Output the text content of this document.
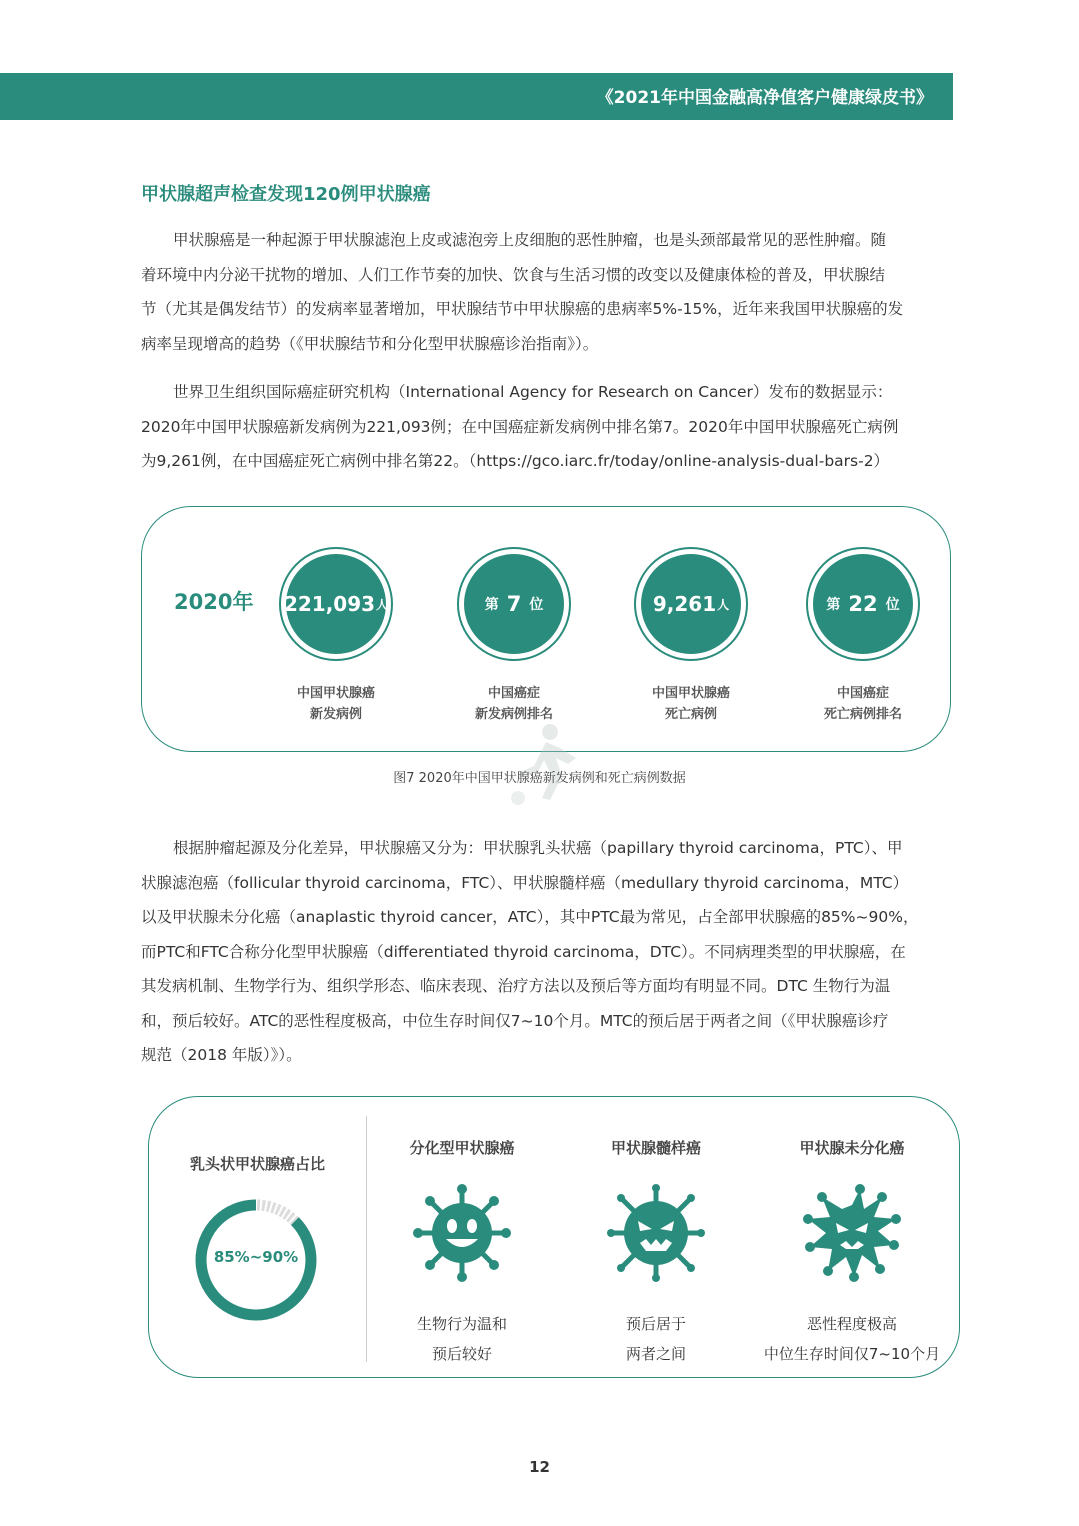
《2021年中国金融高净值客户健康绿皮书》
甲状腺超声检查发现120例甲状腺癌

甲状腺癌是一种起源于甲状腺滤泡上皮或滤泡旁上皮细胞的恶性肿瘤，也是头颈部最常见的恶性肿瘤。随
着环境中内分泌干扰物的增加、人们工作节奏的加快、饮食与生活习惯的改变以及健康体检的普及，甲状腺结
节（尤其是偶发结节）的发病率显著增加，甲状腺结节中甲状腺癌的患病率5%-15%，近年来我国甲状腺癌的发
病率呈现增高的趋势（《甲状腺结节和分化型甲状腺癌诊治指南》）。

世界卫生组织国际癌症研究机构（International Agency for Research on Cancer）发布的数据显示：
2020年中国甲状腺癌新发病例为221,093例；在中国癌症新发病例中排名第7。2020年中国甲状腺癌死亡病例
为9,261例，在中国癌症死亡病例中排名第22。（https://gco.iarc.fr/today/online-analysis-dual-bars-2）

2020年 221,093 人
中国甲状腺癌
新发病例
第 7 位
中国癌症
新发病例排名
9,261 人
中国甲状腺癌
死亡病例
第 22 位
中国癌症
死亡病例排名
图7 2020年中国甲状腺癌新发病例和死亡病例数据

根据肿瘤起源及分化差异，甲状腺癌又分为：甲状腺乳头状癌（papillary thyroid carcinoma，PTC）、甲
状腺滤泡癌（follicular thyroid carcinoma，FTC）、甲状腺髓样癌（medullary thyroid carcinoma，MTC）
以及甲状腺未分化癌（anaplastic thyroid cancer，ATC），其中PTC最为常见，占全部甲状腺癌的85%~90%，
而PTC和FTC合称分化型甲状腺癌（differentiated thyroid carcinoma，DTC）。不同病理类型的甲状腺癌，在
其发病机制、生物学行为、组织学形态、临床表现、治疗方法以及预后等方面均有明显不同。DTC 生物行为温
和，预后较好。ATC的恶性程度极高，中位生存时间仅7~10个月。MTC的预后居于两者之间（《甲状腺癌诊疗
规范（2018 年版）》）。

乳头状甲状腺癌占比
85%~90%
分化型甲状腺癌
生物行为温和
预后较好
甲状腺髓样癌
预后居于
两者之间
甲状腺未分化癌
恶性程度极高
中位生存时间仅7~10个月
12
